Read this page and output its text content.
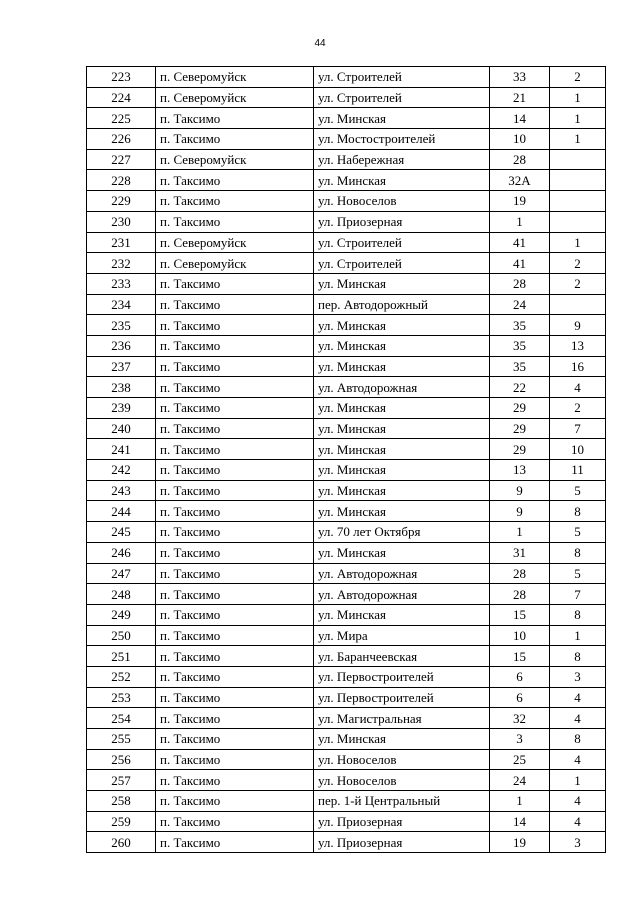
44
223	п. Северомуйск	ул. Строителей	33	2
224	п. Северомуйск	ул. Строителей	21	1
225	п. Таксимо	ул. Минская	14	1
226	п. Таксимо	ул. Мостостроителей	10	1
227	п. Северомуйск	ул. Набережная	28	
228	п. Таксимо	ул. Минская	32А	
229	п. Таксимо	ул. Новоселов	19	
230	п. Таксимо	ул. Приозерная	1	
231	п. Северомуйск	ул. Строителей	41	1
232	п. Северомуйск	ул. Строителей	41	2
233	п. Таксимо	ул. Минская	28	2
234	п. Таксимо	пер. Автодорожный	24	
235	п. Таксимо	ул. Минская	35	9
236	п. Таксимо	ул. Минская	35	13
237	п. Таксимо	ул. Минская	35	16
238	п. Таксимо	ул. Автодорожная	22	4
239	п. Таксимо	ул. Минская	29	2
240	п. Таксимо	ул. Минская	29	7
241	п. Таксимо	ул. Минская	29	10
242	п. Таксимо	ул. Минская	13	11
243	п. Таксимо	ул. Минская	9	5
244	п. Таксимо	ул. Минская	9	8
245	п. Таксимо	ул. 70 лет Октября	1	5
246	п. Таксимо	ул. Минская	31	8
247	п. Таксимо	ул. Автодорожная	28	5
248	п. Таксимо	ул. Автодорожная	28	7
249	п. Таксимо	ул. Минская	15	8
250	п. Таксимо	ул. Мира	10	1
251	п. Таксимо	ул. Баранчеевская	15	8
252	п. Таксимо	ул. Первостроителей	6	3
253	п. Таксимо	ул. Первостроителей	6	4
254	п. Таксимо	ул. Магистральная	32	4
255	п. Таксимо	ул. Минская	3	8
256	п. Таксимо	ул. Новоселов	25	4
257	п. Таксимо	ул. Новоселов	24	1
258	п. Таксимо	пер. 1-й Центральный	1	4
259	п. Таксимо	ул. Приозерная	14	4
260	п. Таксимо	ул. Приозерная	19	3
